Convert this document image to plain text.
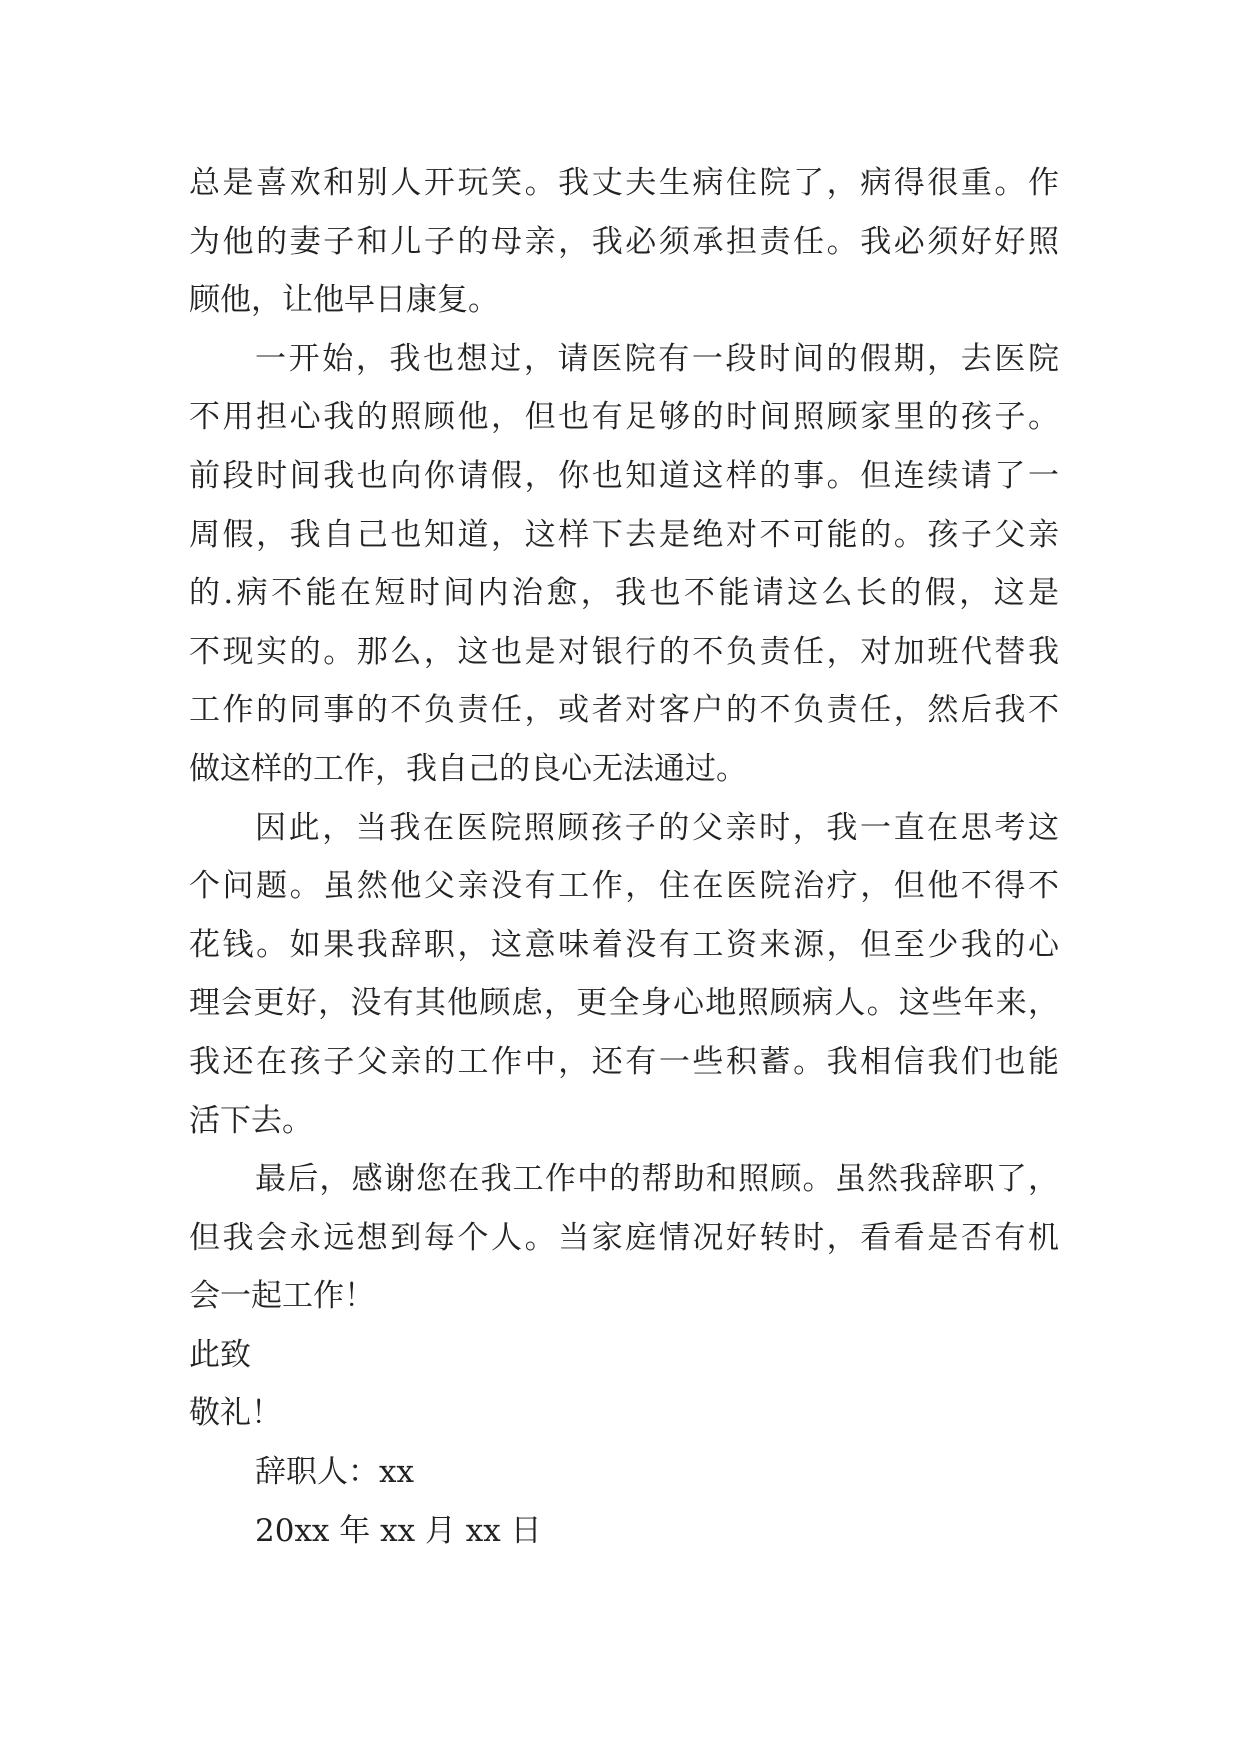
总是喜欢和别人开玩笑。我丈夫生病住院了，病得很重。作

为他的妻子和儿子的母亲，我必须承担责任。我必须好好照

顾他，让他早日康复。

一开始，我也想过，请医院有一段时间的假期，去医院

不用担心我的照顾他，但也有足够的时间照顾家里的孩子。

前段时间我也向你请假，你也知道这样的事。但连续请了一

周假，我自己也知道，这样下去是绝对不可能的。孩子父亲

的.病不能在短时间内治愈，我也不能请这么长的假，这是

不现实的。那么，这也是对银行的不负责任，对加班代替我

工作的同事的不负责任，或者对客户的不负责任，然后我不

做这样的工作，我自己的良心无法通过。

因此，当我在医院照顾孩子的父亲时，我一直在思考这

个问题。虽然他父亲没有工作，住在医院治疗，但他不得不

花钱。如果我辞职，这意味着没有工资来源，但至少我的心

理会更好，没有其他顾虑，更全身心地照顾病人。这些年来，

我还在孩子父亲的工作中，还有一些积蓄。我相信我们也能

活下去。

最后，感谢您在我工作中的帮助和照顾。虽然我辞职了，

但我会永远想到每个人。当家庭情况好转时，看看是否有机

会一起工作！

此致

敬礼！

辞职人：xx

20xx 年 xx 月 xx 日
